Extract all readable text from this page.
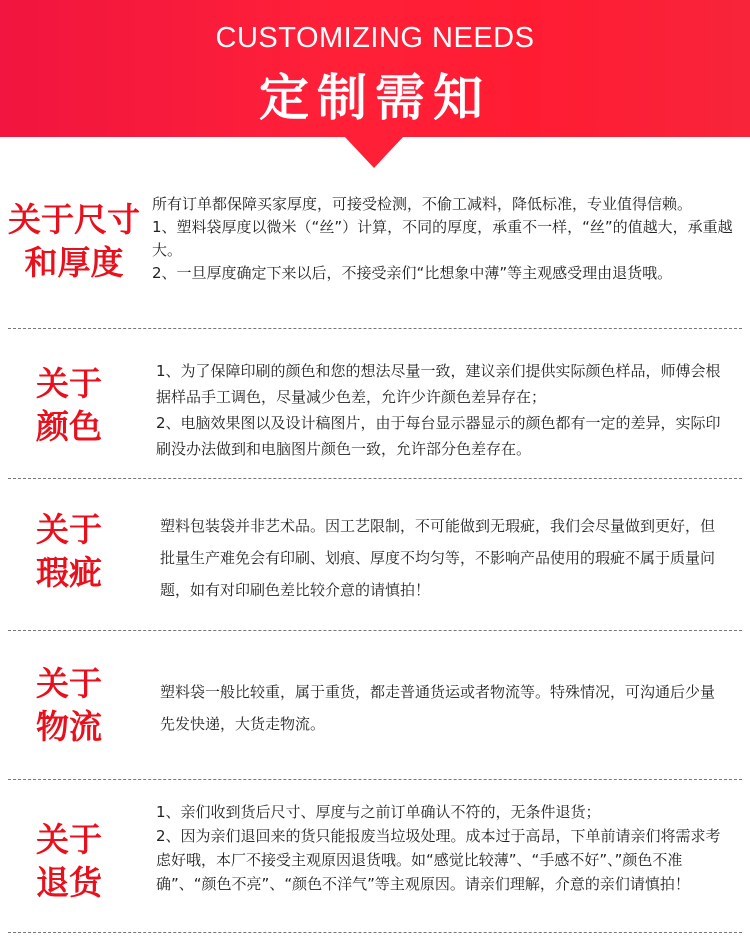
CUSTOMIZING NEEDS
定制需知
关于尺寸
和厚度

所有订单都保障买家厚度，可接受检测，不偷工减料，降低标准，专业值得信赖。

1、塑料袋厚度以微米（“丝”）计算，不同的厚度，承重不一样，“丝”的值越大，承重越大。

2、一旦厚度确定下来以后，不接受亲们“比想象中薄”等主观感受理由退货哦。

关于
颜色

1、为了保障印刷的颜色和您的想法尽量一致，建议亲们提供实际颜色样品，师傅会根据样品手工调色，尽量减少色差，允许少许颜色差异存在；

2、电脑效果图以及设计稿图片，由于每台显示器显示的颜色都有一定的差异，实际印刷没办法做到和电脑图片颜色一致，允许部分色差存在。

关于
瑕疵

塑料包装袋并非艺术品。因工艺限制，不可能做到无瑕疵，我们会尽量做到更好，但批量生产难免会有印刷、划痕、厚度不均匀等，不影响产品使用的瑕疵不属于质量问题，如有对印刷色差比较介意的请慎拍！

关于
物流

塑料袋一般比较重，属于重货，都走普通货运或者物流等。特殊情况，可沟通后少量先发快递，大货走物流。

关于
退货

1、亲们收到货后尺寸、厚度与之前订单确认不符的，无条件退货；

2、因为亲们退回来的货只能报废当垃圾处理。成本过于高昂，下单前请亲们将需求考虑好哦，本厂不接受主观原因退货哦。如“感觉比较薄”、“手感不好”、”颜色不准确”、“颜色不亮”、“颜色不洋气”等主观原因。请亲们理解，介意的亲们请慎拍！
